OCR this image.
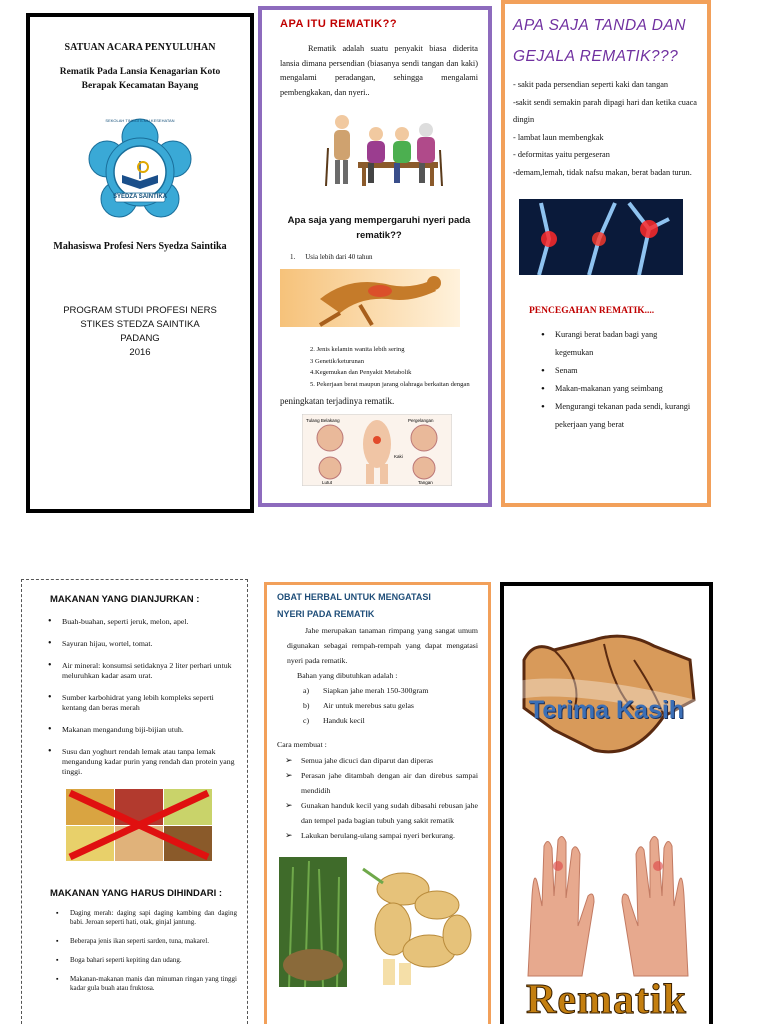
SATUAN ACARA PENYULUHAN
Rematik Pada Lansia Kenagarian Koto
Berapak Kecamatan Bayang
SYEDZA SAINTIKA
SEKOLAH TINGGI ILMU KESEHATAN
Mahasiswa Profesi Ners Syedza Saintika
PROGRAM STUDI PROFESI NERS
STIKES STEDZA SAINTIKA
PADANG
2016
APA ITU REMATIK??

Rematik adalah suatu penyakit biasa diderita lansia dimana persendian (biasanya sendi tangan dan kaki) mengalami peradangan, sehingga mengalami pembengkakan, dan nyeri..

Apa saja yang mempergaruhi nyeri pada rematik??
1. Usia lebih dari 40 tahun
2. Jenis kelamin wanita lebih sering
3 Genetik/keturunan
4.Kegemukan dan Penyakit Metabolik
5. Pekerjaan berat maupun jarang olahraga berkaitan dengan
peningkatan terjadinya rematik.
Tulang Belakang	Pergelangan
Lutut
Kaki
Tangan
APA SAJA TANDA DAN
GEJALA REMATIK???
- sakit pada persendian seperti kaki dan tangan
-sakit sendi semakin parah dipagi hari dan ketika cuaca dingin
- lambat laun membengkak
- deformitas yaitu pergeseran
-demam,lemah, tidak nafsu makan, berat badan turun.
PENCEGAHAN REMATIK....
• Kurangi berat badan bagi yang kegemukan
• Senam
• Makan-makanan yang seimbang
• Mengurangi tekanan pada sendi, kurangi pekerjaan yang berat
MAKANAN YANG DIANJURKAN :
• Buah-buahan, seperti jeruk, melon, apel.
• Sayuran hijau, wortel, tomat.
• Air mineral: konsumsi setidaknya 2 liter perhari untuk meluruhkan kadar asam urat.
• Sumber karbohidrat yang lebih kompleks seperti kentang dan beras merah
• Makanan mengandung biji-bijian utuh.
• Susu dan yoghurt rendah lemak atau tanpa lemak mengandung kadar purin yang rendah dan protein yang tinggi.
MAKANAN YANG HARUS DIHINDARI :
▪ Daging merah: daging sapi daging kambing dan daging babi. Jeroan seperti hati, otak, ginjal jantung.
▪ Beberapa jenis ikan seperti sarden, tuna, makarel.
▪ Boga bahari seperti kepiting dan udang.
▪ Makanan-makanan manis dan minuman ringan yang tinggi kadar gula buah atau fruktosa.
OBAT HERBAL UNTUK MENGATASI
NYERI PADA REMATIK

Jahe merupakan tanaman rimpang yang sangat umum digunakan sebagai rempah-rempah yang dapat mengatasi nyeri pada rematik.

Bahan yang dibutuhkan adalah :

a) Siapkan jahe merah 150-300gram
b) Air untuk merebus satu gelas
c) Handuk kecil

Cara membuat :

➢ Semua jahe dicuci dan diparut dan diperas
➢ Perasan jahe ditambah dengan air dan direbus sampai mendidih
➢ Gunakan handuk kecil yang sudah dibasahi rebusan jahe dan tempel pada bagian tubuh yang sakit rematik
➢ Lakukan berulang-ulang sampai nyeri berkurang.
Terima Kasih
Rematik
